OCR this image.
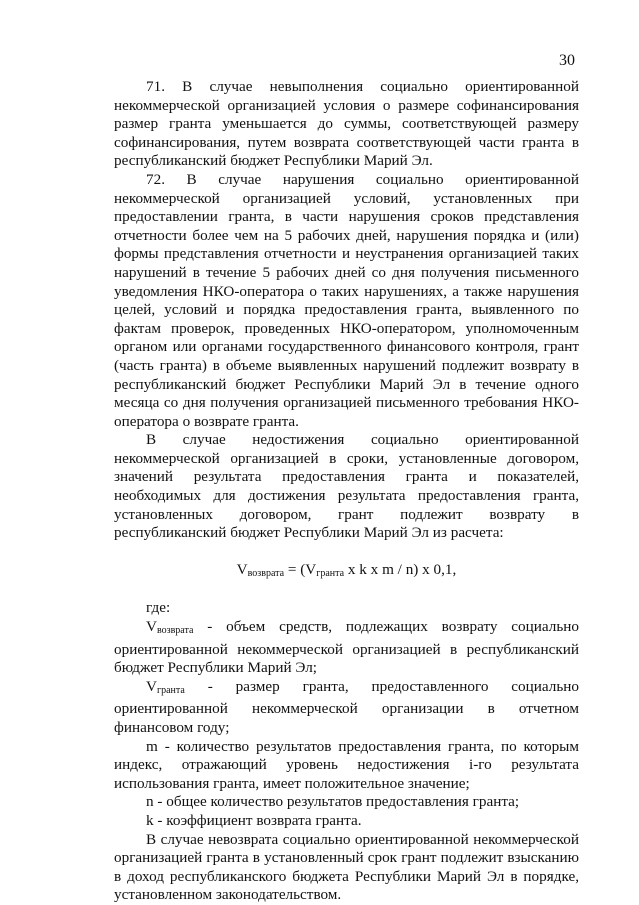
30

71. В случае невыполнения социально ориентированной некоммерческой организацией условия о размере софинансирования размер гранта уменьшается до суммы, соответствующей размеру софинансирования, путем возврата соответствующей части гранта в республиканский бюджет Республики Марий Эл.

72. В случае нарушения социально ориентированной некоммерческой организацией условий, установленных при предоставлении гранта, в части нарушения сроков представления отчетности более чем на 5 рабочих дней, нарушения порядка и (или) формы представления отчетности и неустранения организацией таких нарушений в течение 5 рабочих дней со дня получения письменного уведомления НКО-оператора о таких нарушениях, а также нарушения целей, условий и порядка предоставления гранта, выявленного по фактам проверок, проведенных НКО-оператором, уполномоченным органом или органами государственного финансового контроля, грант (часть гранта) в объеме выявленных нарушений подлежит возврату в республиканский бюджет Республики Марий Эл в течение одного месяца со дня получения организацией письменного требования НКО-оператора о возврате гранта.

В случае недостижения социально ориентированной некоммерческой организацией в сроки, установленные договором, значений результата предоставления гранта и показателей, необходимых для достижения результата предоставления гранта, установленных договором, грант подлежит возврату в республиканский бюджет Республики Марий Эл из расчета:

$V_{возврата} = (V_{гранта}$ х k х m / n) х 0,1,

где:

$V_{возврата}$ - объем средств, подлежащих возврату социально ориентированной некоммерческой организацией в республиканский бюджет Республики Марий Эл;

$V_{гранта}$ - размер гранта, предоставленного социально ориентированной некоммерческой организации в отчетном финансовом году;

m - количество результатов предоставления гранта, по которым индекс, отражающий уровень недостижения i-го результата использования гранта, имеет положительное значение;

n - общее количество результатов предоставления гранта;

k - коэффициент возврата гранта.

В случае невозврата социально ориентированной некоммерческой организацией гранта в установленный срок грант подлежит взысканию в доход республиканского бюджета Республики Марий Эл в порядке, установленном законодательством.
